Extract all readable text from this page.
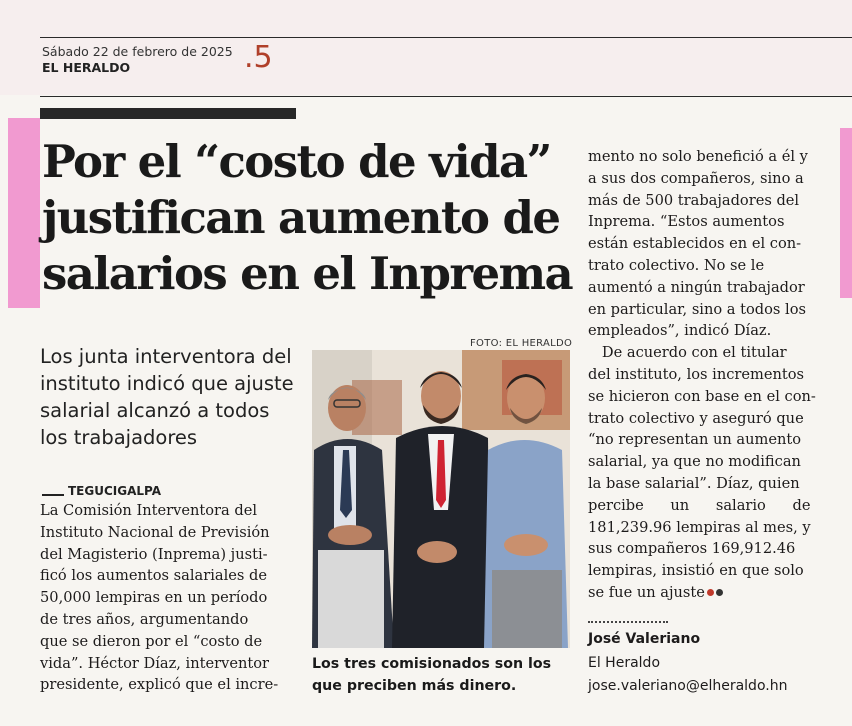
Sábado 22 de febrero de 2025
EL HERALDO	.5
Por el “costo de vida”
justifican aumento de
salarios en el Inprema
Los junta interventora del
instituto indicó que ajuste
salarial alcanzó a todos
los trabajadores
TEGUCIGALPA
La Comisión Interventora del
Instituto Nacional de Previsión
del Magisterio (Inprema) justi-
ficó los aumentos salariales de
50,000 lempiras en un período
de tres años, argumentando
que se dieron por el “costo de
vida”. Héctor Díaz, interventor
presidente, explicó que el incre-
FOTO: EL HERALDO
Los tres comisionados son los
que preciben más dinero.
mento no solo benefició a él y
a sus dos compañeros, sino a
más de 500 trabajadores del
Inprema. “Estos aumentos
están establecidos en el con-
trato colectivo. No se le
aumentó a ningún trabajador
en particular, sino a todos los
empleados”, indicó Díaz.
De acuerdo con el titular
del instituto, los incrementos
se hicieron con base en el con-
trato colectivo y aseguró que
“no representan un aumento
salarial, ya que no modifican
la base salarial”. Díaz, quien
percibe un salario de
181,239.96 lempiras al mes, y
sus compañeros 169,912.46
lempiras, insistió en que solo
se fue un ajuste
José Valeriano
El Heraldo
jose.valeriano@elheraldo.hn
